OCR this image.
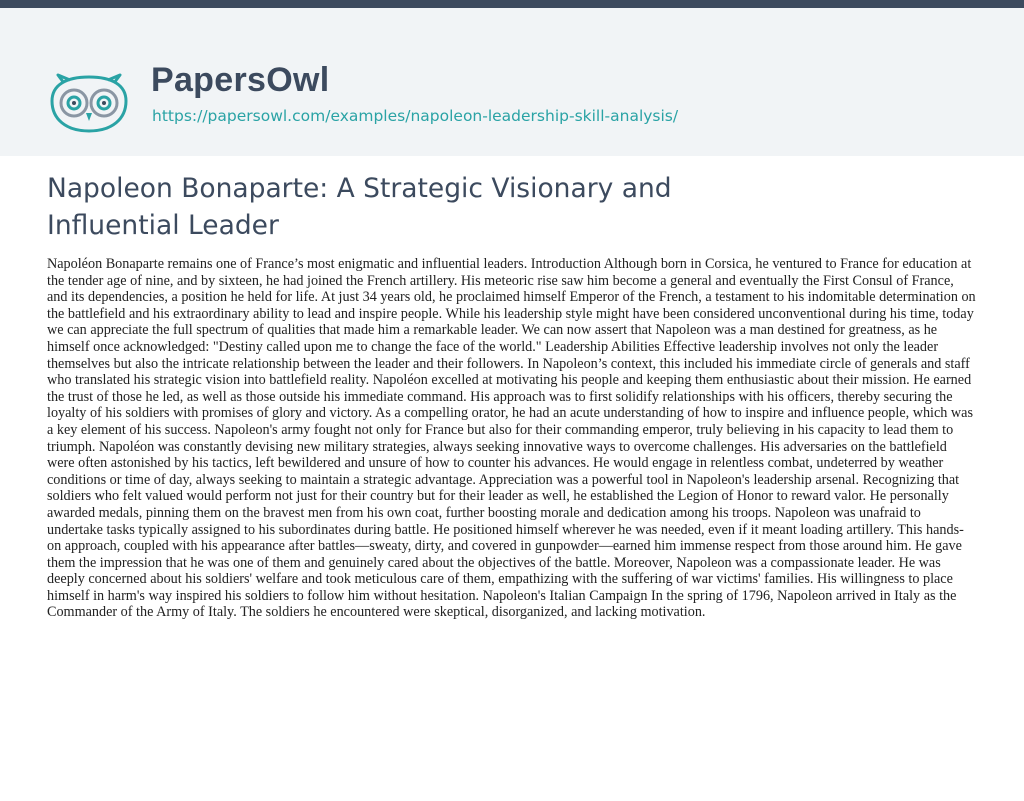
PapersOwl
https://papersowl.com/examples/napoleon-leadership-skill-analysis/
Napoleon Bonaparte: A Strategic Visionary and Influential Leader

Napoléon Bonaparte remains one of France’s most enigmatic and influential leaders. Introduction Although born in Corsica, he ventured to France for education at the tender age of nine, and by sixteen, he had joined the French artillery. His meteoric rise saw him become a general and eventually the First Consul of France, and its dependencies, a position he held for life. At just 34 years old, he proclaimed himself Emperor of the French, a testament to his indomitable determination on the battlefield and his extraordinary ability to lead and inspire people. While his leadership style might have been considered unconventional during his time, today we can appreciate the full spectrum of qualities that made him a remarkable leader. We can now assert that Napoleon was a man destined for greatness, as he himself once acknowledged: "Destiny called upon me to change the face of the world." Leadership Abilities Effective leadership involves not only the leader themselves but also the intricate relationship between the leader and their followers. In Napoleon’s context, this included his immediate circle of generals and staff who translated his strategic vision into battlefield reality. Napoléon excelled at motivating his people and keeping them enthusiastic about their mission. He earned the trust of those he led, as well as those outside his immediate command. His approach was to first solidify relationships with his officers, thereby securing the loyalty of his soldiers with promises of glory and victory. As a compelling orator, he had an acute understanding of how to inspire and influence people, which was a key element of his success. Napoleon's army fought not only for France but also for their commanding emperor, truly believing in his capacity to lead them to triumph. Napoléon was constantly devising new military strategies, always seeking innovative ways to overcome challenges. His adversaries on the battlefield were often astonished by his tactics, left bewildered and unsure of how to counter his advances. He would engage in relentless combat, undeterred by weather conditions or time of day, always seeking to maintain a strategic advantage. Appreciation was a powerful tool in Napoleon's leadership arsenal. Recognizing that soldiers who felt valued would perform not just for their country but for their leader as well, he established the Legion of Honor to reward valor. He personally awarded medals, pinning them on the bravest men from his own coat, further boosting morale and dedication among his troops. Napoleon was unafraid to undertake tasks typically assigned to his subordinates during battle. He positioned himself wherever he was needed, even if it meant loading artillery. This hands-on approach, coupled with his appearance after battles—sweaty, dirty, and covered in gunpowder—earned him immense respect from those around him. He gave them the impression that he was one of them and genuinely cared about the objectives of the battle. Moreover, Napoleon was a compassionate leader. He was deeply concerned about his soldiers' welfare and took meticulous care of them, empathizing with the suffering of war victims' families. His willingness to place himself in harm's way inspired his soldiers to follow him without hesitation. Napoleon's Italian Campaign In the spring of 1796, Napoleon arrived in Italy as the Commander of the Army of Italy. The soldiers he encountered were skeptical, disorganized, and lacking motivation.
